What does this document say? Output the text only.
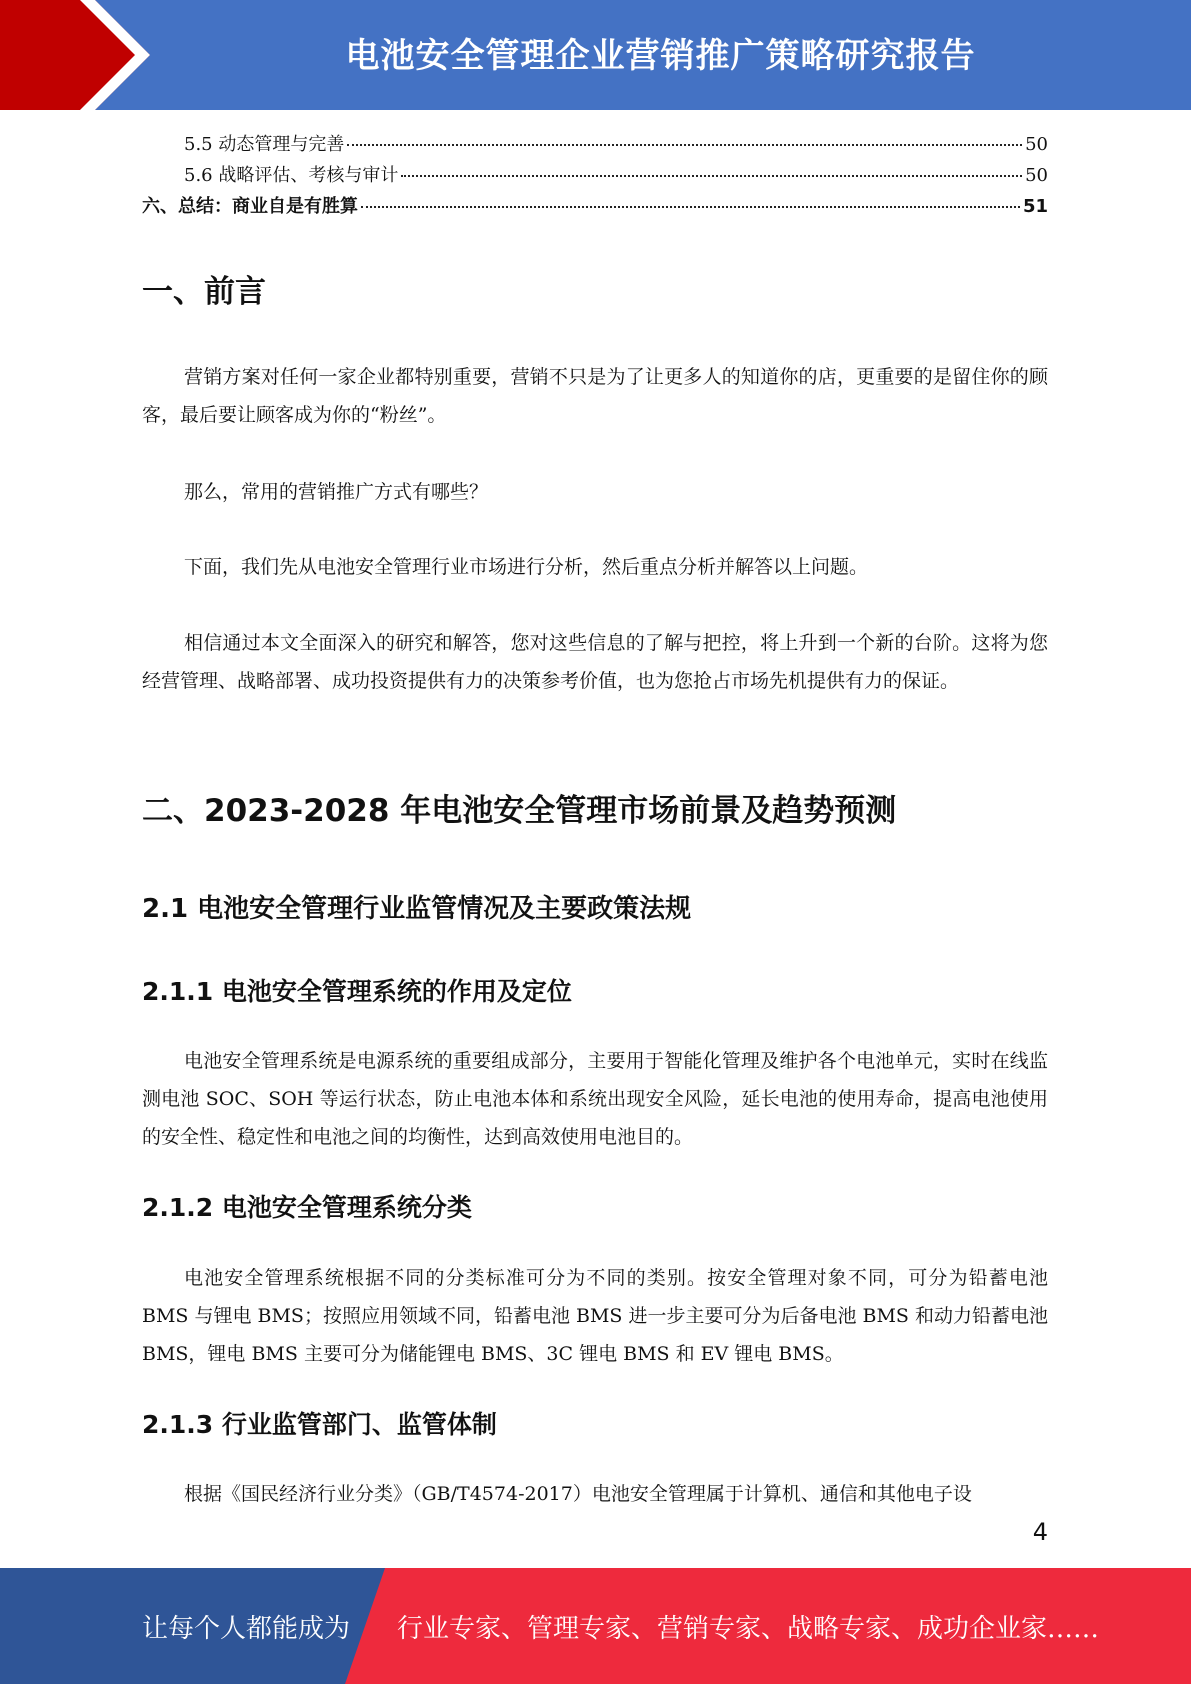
电池安全管理企业营销推广策略研究报告
5.5 动态管理与完善	50
5.6 战略评估、考核与审计	50
六、总结：商业自是有胜算	51
一、前言

营销方案对任何一家企业都特别重要，营销不只是为了让更多人的知道你的店，更重要的是留住你的顾客，最后要让顾客成为你的“粉丝”。

那么，常用的营销推广方式有哪些？

下面，我们先从电池安全管理行业市场进行分析，然后重点分析并解答以上问题。

相信通过本文全面深入的研究和解答，您对这些信息的了解与把控，将上升到一个新的台阶。这将为您经营管理、战略部署、成功投资提供有力的决策参考价值，也为您抢占市场先机提供有力的保证。

二、2023-2028 年电池安全管理市场前景及趋势预测
2.1 电池安全管理行业监管情况及主要政策法规
2.1.1 电池安全管理系统的作用及定位

电池安全管理系统是电源系统的重要组成部分，主要用于智能化管理及维护各个电池单元，实时在线监测电池 SOC、SOH 等运行状态，防止电池本体和系统出现安全风险，延长电池的使用寿命，提高电池使用的安全性、稳定性和电池之间的均衡性，达到高效使用电池目的。

2.1.2 电池安全管理系统分类

电池安全管理系统根据不同的分类标准可分为不同的类别。按安全管理对象不同，可分为铅蓄电池 BMS 与锂电 BMS；按照应用领域不同，铅蓄电池 BMS 进一步主要可分为后备电池 BMS 和动力铅蓄电池 BMS，锂电 BMS 主要可分为储能锂电 BMS、3C 锂电 BMS 和 EV 锂电 BMS。

2.1.3 行业监管部门、监管体制

根据《国民经济行业分类》（GB/T4574-2017）电池安全管理属于计算机、通信和其他电子设

4
让每个人都能成为 行业专家、管理专家、营销专家、战略专家、成功企业家……
